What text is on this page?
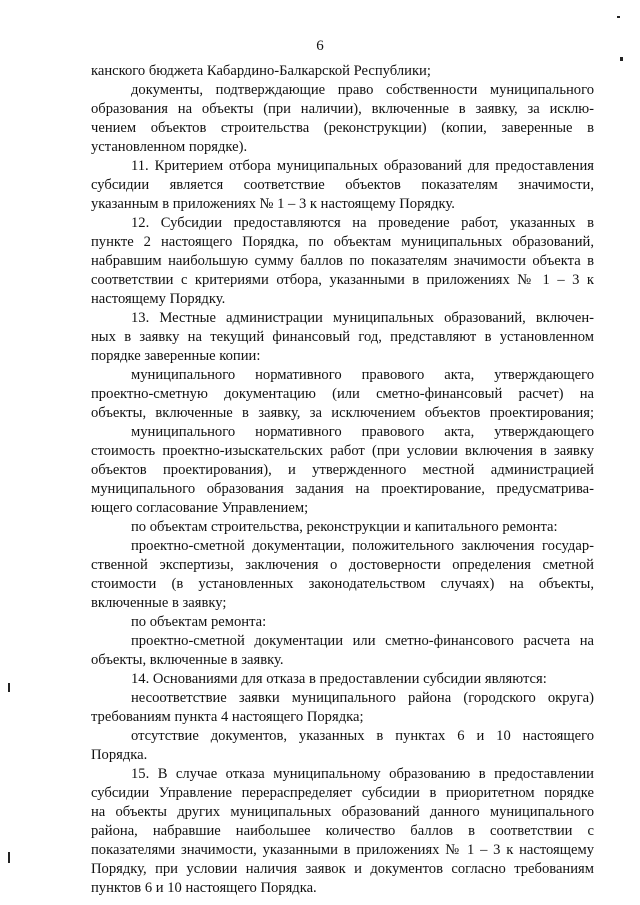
6
канского бюджета Кабардино-Балкарской Республики;
документы, подтверждающие право собственности муниципального
образования на объекты (при наличии), включенные в заявку, за исклю-
чением объектов строительства (реконструкции) (копии, заверенные в
установленном порядке).
11. Критерием отбора муниципальных образований для предоставления
субсидии является соответствие объектов показателям значимости,
указанным в приложениях № 1 – 3 к настоящему Порядку.
12. Субсидии предоставляются на проведение работ, указанных в
пункте 2 настоящего Порядка, по объектам муниципальных образований,
набравшим наибольшую сумму баллов по показателям значимости объекта в
соответствии с критериями отбора, указанными в приложениях № 1 – 3 к
настоящему Порядку.
13. Местные администрации муниципальных образований, включен-
ных в заявку на текущий финансовый год, представляют в установленном
порядке заверенные копии:
муниципального нормативного правового акта, утверждающего
проектно-сметную документацию (или сметно-финансовый расчет) на
объекты, включенные в заявку, за исключением объектов проектирования;
муниципального нормативного правового акта, утверждающего
стоимость проектно-изыскательских работ (при условии включения в заявку
объектов проектирования), и утвержденного местной администрацией
муниципального образования задания на проектирование, предусматрива-
ющего согласование Управлением;
по объектам строительства, реконструкции и капитального ремонта:
проектно-сметной документации, положительного заключения государ-
ственной экспертизы, заключения о достоверности определения сметной
стоимости (в установленных законодательством случаях) на объекты,
включенные в заявку;
по объектам ремонта:
проектно-сметной документации или сметно-финансового расчета на
объекты, включенные в заявку.
14. Основаниями для отказа в предоставлении субсидии являются:
несоответствие заявки муниципального района (городского округа)
требованиям пункта 4 настоящего Порядка;
отсутствие документов, указанных в пунктах 6 и 10 настоящего
Порядка.
15. В случае отказа муниципальному образованию в предоставлении
субсидии Управление перераспределяет субсидии в приоритетном порядке
на объекты других муниципальных образований данного муниципального
района, набравшие наибольшее количество баллов в соответствии с
показателями значимости, указанными в приложениях № 1 – 3 к настоящему
Порядку, при условии наличия заявок и документов согласно требованиям
пунктов 6 и 10 настоящего Порядка.
